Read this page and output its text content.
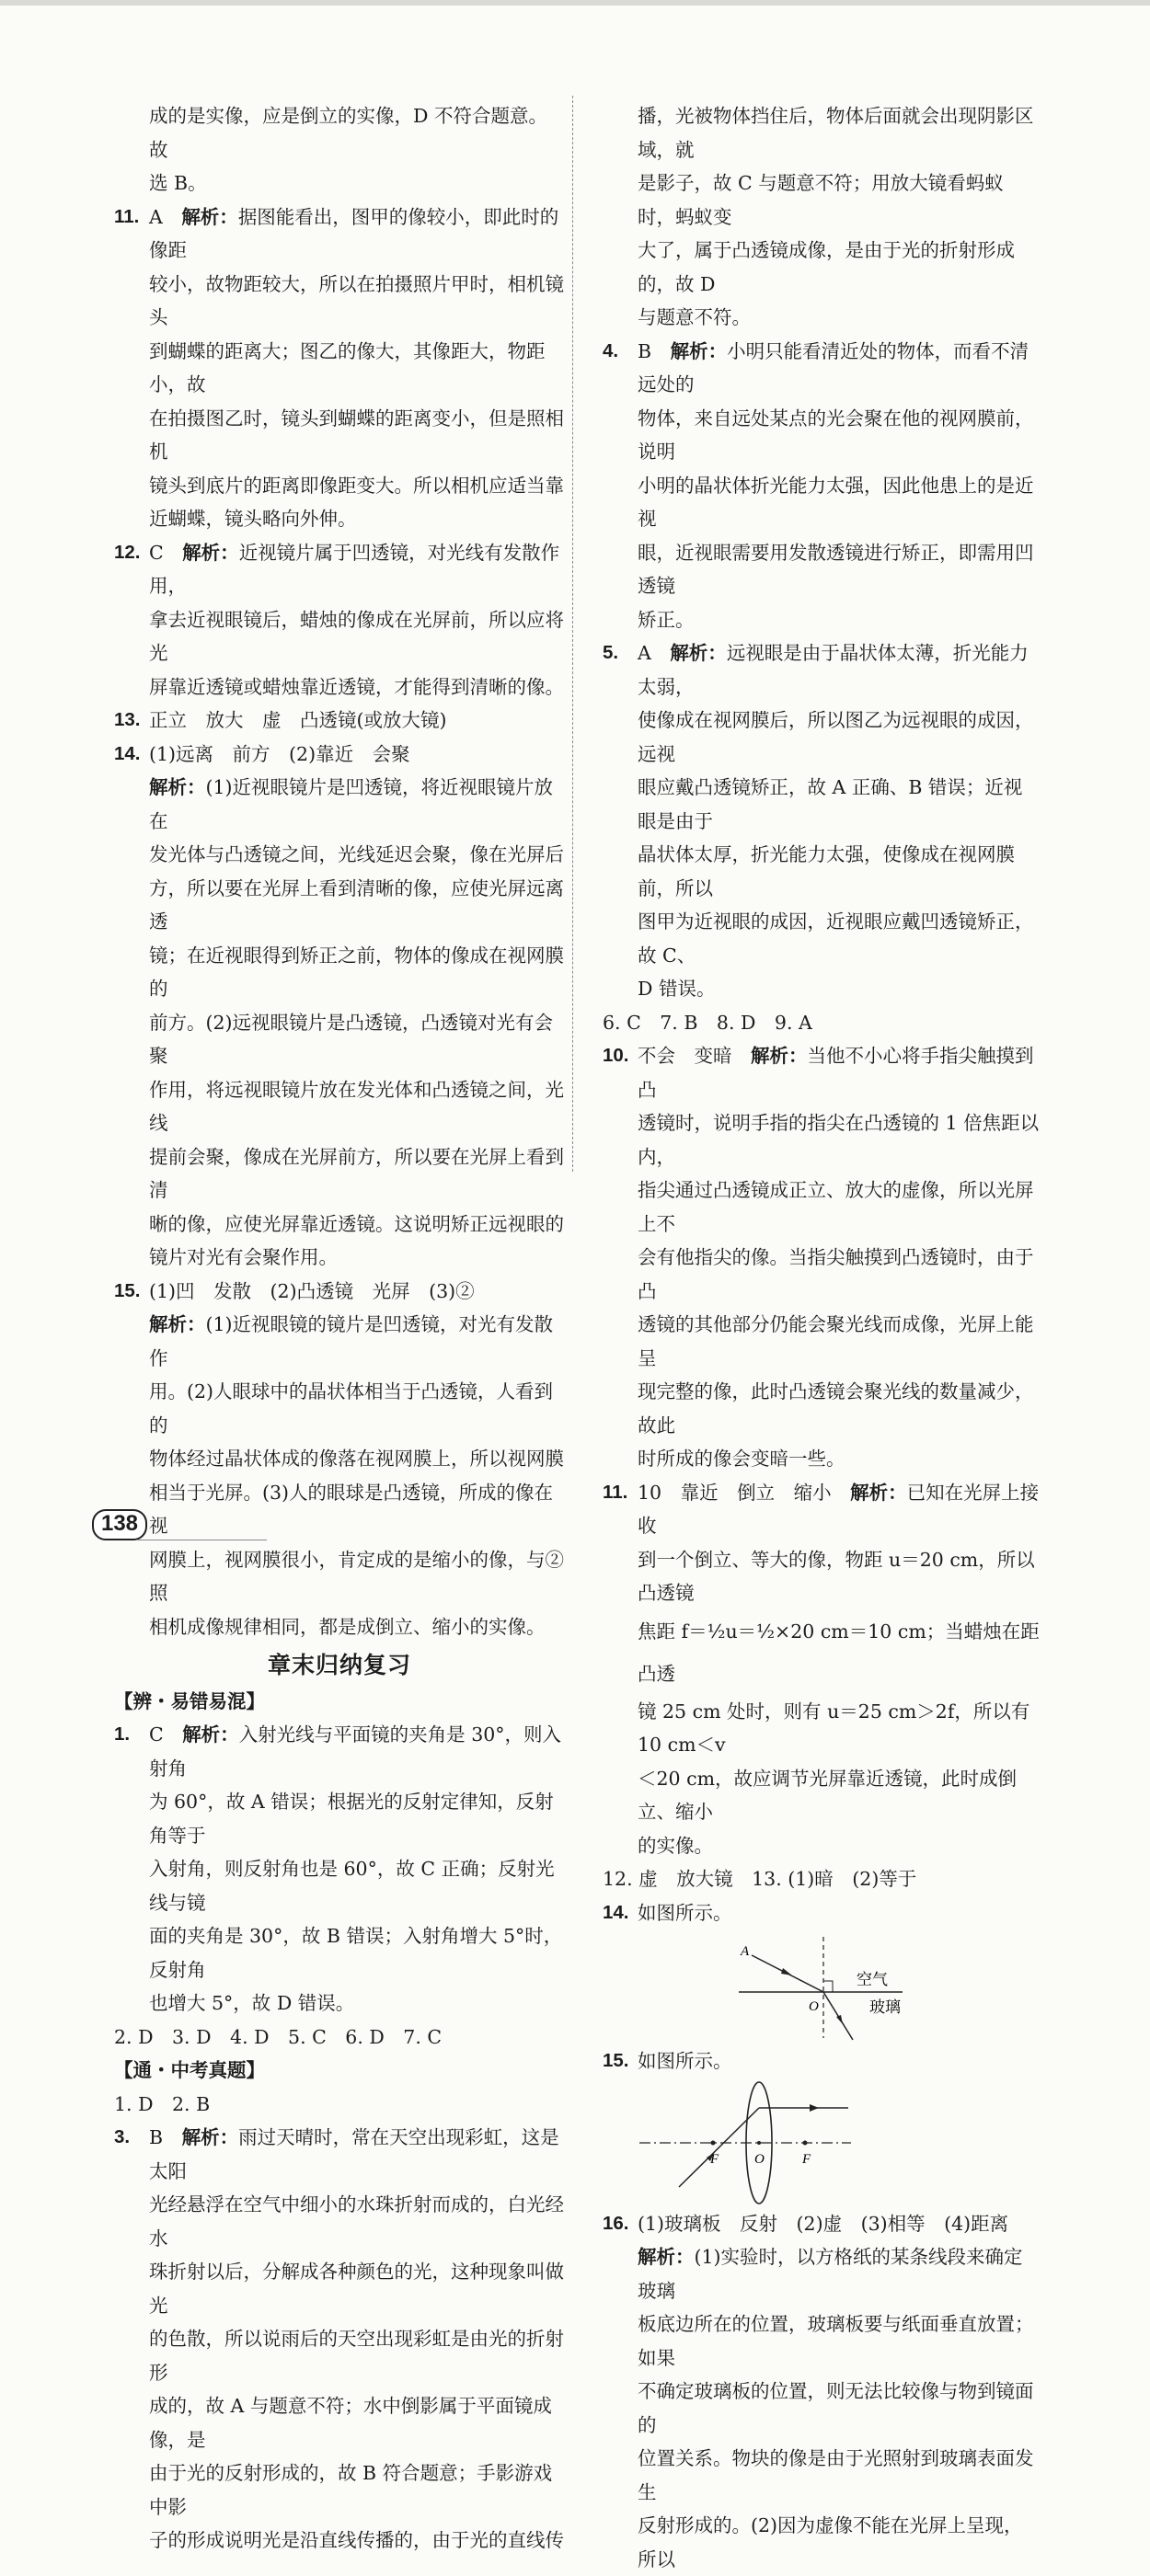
成的是实像，应是倒立的实像，D 不符合题意。故

选 B。

11. A　 解析：据图能看出，图甲的像较小，即此时的像距

较小，故物距较大，所以在拍摄照片甲时，相机镜头

到蝴蝶的距离大；图乙的像大，其像距大，物距小，故

在拍摄图乙时，镜头到蝴蝶的距离变小，但是照相机

镜头到底片的距离即像距变大。所以相机应适当靠

近蝴蝶，镜头略向外伸。

12. C　 解析：近视镜片属于凹透镜，对光线有发散作用，

拿去近视眼镜后，蜡烛的像成在光屏前，所以应将光

屏靠近透镜或蜡烛靠近透镜，才能得到清晰的像。

13. 正立　放大　虚　凸透镜(或放大镜)

14. (1)远离　前方　(2)靠近　会聚

解析：(1)近视眼镜片是凹透镜，将近视眼镜片放在

发光体与凸透镜之间，光线延迟会聚，像在光屏后

方，所以要在光屏上看到清晰的像，应使光屏远离透

镜；在近视眼得到矫正之前，物体的像成在视网膜的

前方。(2)远视眼镜片是凸透镜，凸透镜对光有会聚

作用，将远视眼镜片放在发光体和凸透镜之间，光线

提前会聚，像成在光屏前方，所以要在光屏上看到清

晰的像，应使光屏靠近透镜。这说明矫正远视眼的

镜片对光有会聚作用。

15. (1)凹　发散　(2)凸透镜　光屏　(3)②

解析：(1)近视眼镜的镜片是凹透镜，对光有发散作

用。(2)人眼球中的晶状体相当于凸透镜，人看到的

物体经过晶状体成的像落在视网膜上，所以视网膜

相当于光屏。(3)人的眼球是凸透镜，所成的像在视

网膜上，视网膜很小，肯定成的是缩小的像，与②照

相机成像规律相同，都是成倒立、缩小的实像。

章末归纳复习

【辨・易错易混】

1. C　 解析：入射光线与平面镜的夹角是 30°，则入射角

为 60°，故 A 错误；根据光的反射定律知，反射角等于

入射角，则反射角也是 60°，故 C 正确；反射光线与镜

面的夹角是 30°，故 B 错误；入射角增大 5°时，反射角

也增大 5°，故 D 错误。

2. D　3. D　4. D　5. C　6. D　7. C

【通・中考真题】

1. D　2. B

3. B　 解析：雨过天晴时，常在天空出现彩虹，这是太阳

光经悬浮在空气中细小的水珠折射而成的，白光经水

珠折射以后，分解成各种颜色的光，这种现象叫做光

的色散，所以说雨后的天空出现彩虹是由光的折射形

成的，故 A 与题意不符；水中倒影属于平面镜成像，是

由于光的反射形成的，故 B 符合题意；手影游戏中影

子的形成说明光是沿直线传播的，由于光的直线传

播，光被物体挡住后，物体后面就会出现阴影区域，就

是影子，故 C 与题意不符；用放大镜看蚂蚁时，蚂蚁变

大了，属于凸透镜成像，是由于光的折射形成的，故 D

与题意不符。

4. B　 解析：小明只能看清近处的物体，而看不清远处的

物体，来自远处某点的光会聚在他的视网膜前，说明

小明的晶状体折光能力太强，因此他患上的是近视

眼，近视眼需要用发散透镜进行矫正，即需用凹透镜

矫正。

5. A　 解析：远视眼是由于晶状体太薄，折光能力太弱，

使像成在视网膜后，所以图乙为远视眼的成因，远视

眼应戴凸透镜矫正，故 A 正确、B 错误；近视眼是由于

晶状体太厚，折光能力太强，使像成在视网膜前，所以

图甲为近视眼的成因，近视眼应戴凹透镜矫正，故 C、

D 错误。

6. C　7. B　8. D　9. A

10. 不会　变暗　 解析：当他不小心将手指尖触摸到凸

透镜时，说明手指的指尖在凸透镜的 1 倍焦距以内，

指尖通过凸透镜成正立、放大的虚像，所以光屏上不

会有他指尖的像。当指尖触摸到凸透镜时，由于凸

透镜的其他部分仍能会聚光线而成像，光屏上能呈

现完整的像，此时凸透镜会聚光线的数量减少，故此

时所成的像会变暗一些。

11. 10　靠近　倒立　缩小　 解析：已知在光屏上接收

到一个倒立、等大的像，物距 u＝20 cm，所以凸透镜

焦距 f＝½u＝½×20 cm＝10 cm；当蜡烛在距凸透

镜 25 cm 处时，则有 u＝25 cm＞2f，所以有 10 cm＜v

＜20 cm，故应调节光屏靠近透镜，此时成倒立、缩小

的实像。

12. 虚　放大镜　13. (1)暗　(2)等于

14. 如图所示。

A
O
空气
玻璃

15. 如图所示。

F	O	F

16. (1)玻璃板　反射　(2)虚　(3)相等　(4)距离

解析：(1)实验时，以方格纸的某条线段来确定玻璃

板底边所在的位置，玻璃板要与纸面垂直放置；如果

不确定玻璃板的位置，则无法比较像与物到镜面的

位置关系。物块的像是由于光照射到玻璃表面发生

反射形成的。(2)因为虚像不能在光屏上呈现，所以

138
